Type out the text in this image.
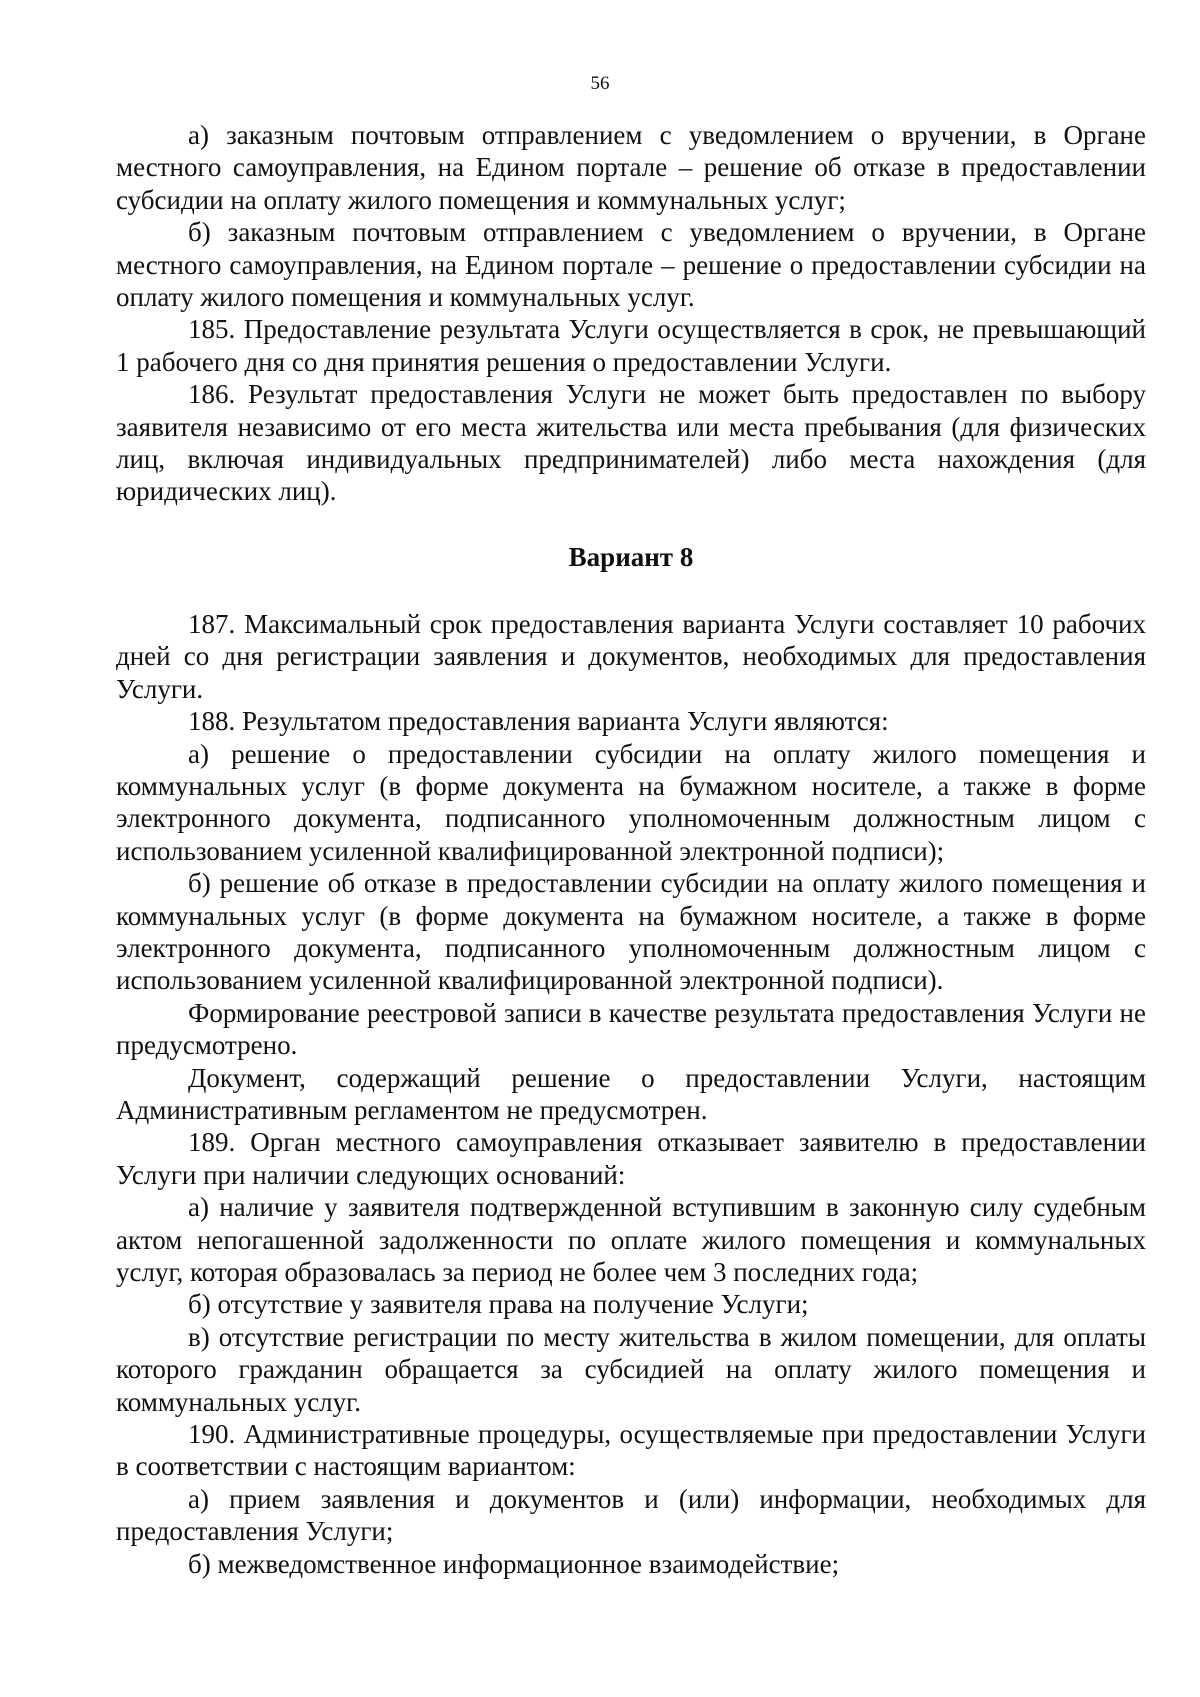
56

а) заказным почтовым отправлением с уведомлением о вручении, в Органе местного самоуправления, на Едином портале – решение об отказе в предоставлении субсидии на оплату жилого помещения и коммунальных услуг;

б) заказным почтовым отправлением с уведомлением о вручении, в Органе местного самоуправления, на Едином портале – решение о предоставлении субсидии на оплату жилого помещения и коммунальных услуг.

185. Предоставление результата Услуги осуществляется в срок, не превышающий 1 рабочего дня со дня принятия решения о предоставлении Услуги.

186. Результат предоставления Услуги не может быть предоставлен по выбору заявителя независимо от его места жительства или места пребывания (для физических лиц, включая индивидуальных предпринимателей) либо места нахождения (для юридических лиц).

Вариант 8

187. Максимальный срок предоставления варианта Услуги составляет 10 рабочих дней со дня регистрации заявления и документов, необходимых для предоставления Услуги.

188. Результатом предоставления варианта Услуги являются:

а) решение о предоставлении субсидии на оплату жилого помещения и коммунальных услуг (в форме документа на бумажном носителе, а также в форме электронного документа, подписанного уполномоченным должностным лицом с использованием усиленной квалифицированной электронной подписи);

б) решение об отказе в предоставлении субсидии на оплату жилого помещения и коммунальных услуг (в форме документа на бумажном носителе, а также в форме электронного документа, подписанного уполномоченным должностным лицом с использованием усиленной квалифицированной электронной подписи).

Формирование реестровой записи в качестве результата предоставления Услуги не предусмотрено.

Документ, содержащий решение о предоставлении Услуги, настоящим Административным регламентом не предусмотрен.

189. Орган местного самоуправления отказывает заявителю в предоставлении Услуги при наличии следующих оснований:

а) наличие у заявителя подтвержденной вступившим в законную силу судебным актом непогашенной задолженности по оплате жилого помещения и коммунальных услуг, которая образовалась за период не более чем 3 последних года;

б) отсутствие у заявителя права на получение Услуги;

в) отсутствие регистрации по месту жительства в жилом помещении, для оплаты которого гражданин обращается за субсидией на оплату жилого помещения и коммунальных услуг.

190. Административные процедуры, осуществляемые при предоставлении Услуги в соответствии с настоящим вариантом:

а) прием заявления и документов и (или) информации, необходимых для предоставления Услуги;

б) межведомственное информационное взаимодействие;
